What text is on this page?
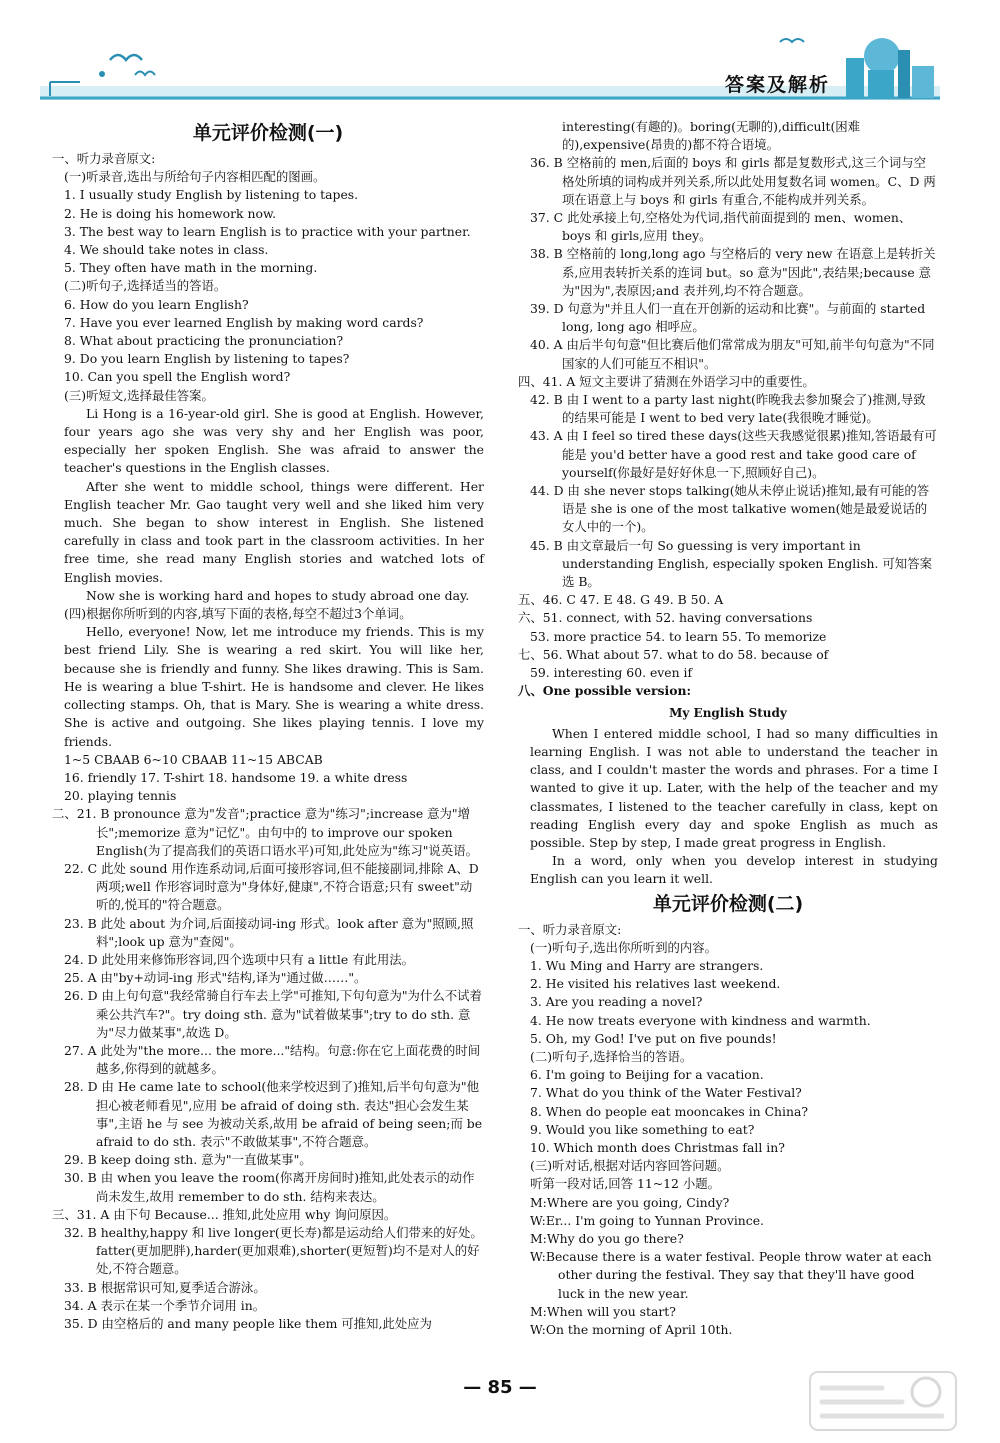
答案及解析
单元评价检测(一)

一、听力录音原文:

(一)听录音,选出与所给句子内容相匹配的图画。

1. I usually study English by listening to tapes.

2. He is doing his homework now.

3. The best way to learn English is to practice with your partner.

4. We should take notes in class.

5. They often have math in the morning.

(二)听句子,选择适当的答语。

6. How do you learn English?

7. Have you ever learned English by making word cards?

8. What about practicing the pronunciation?

9. Do you learn English by listening to tapes?

10. Can you spell the English word?

(三)听短文,选择最佳答案。

Li Hong is a 16-year-old girl. She is good at English. However, four years ago she was very shy and her English was poor, especially her spoken English. She was afraid to answer the teacher's questions in the English classes.

After she went to middle school, things were different. Her English teacher Mr. Gao taught very well and she liked him very much. She began to show interest in English. She listened carefully in class and took part in the classroom activities. In her free time, she read many English stories and watched lots of English movies.

Now she is working hard and hopes to study abroad one day.

(四)根据你所听到的内容,填写下面的表格,每空不超过3个单词。

Hello, everyone! Now, let me introduce my friends. This is my best friend Lily. She is wearing a red skirt. You will like her, because she is friendly and funny. She likes drawing. This is Sam. He is wearing a blue T-shirt. He is handsome and clever. He likes collecting stamps. Oh, that is Mary. She is wearing a white dress. She is active and outgoing. She likes playing tennis. I love my friends.

1~5 CBAAB 6~10 CBAAB 11~15 ABCAB

16. friendly 17. T-shirt 18. handsome 19. a white dress

20. playing tennis

二、21. B pronounce 意为"发音";practice 意为"练习";increase 意为"增长";memorize 意为"记忆"。由句中的 to improve our spoken English(为了提高我们的英语口语水平)可知,此处应为"练习"说英语。

22. C 此处 sound 用作连系动词,后面可接形容词,但不能接副词,排除 A、D 两项;well 作形容词时意为"身体好,健康",不符合语意;只有 sweet"动听的,悦耳的"符合题意。

23. B 此处 about 为介词,后面接动词-ing 形式。look after 意为"照顾,照料";look up 意为"查阅"。

24. D 此处用来修饰形容词,四个选项中只有 a little 有此用法。

25. A 由"by+动词-ing 形式"结构,译为"通过做……"。

26. D 由上句句意"我经常骑自行车去上学"可推知,下句句意为"为什么不试着乘公共汽车?"。try doing sth. 意为"试着做某事";try to do sth. 意为"尽力做某事",故选 D。

27. A 此处为"the more... the more..."结构。句意:你在它上面花费的时间越多,你得到的就越多。

28. D 由 He came late to school(他来学校迟到了)推知,后半句句意为"他担心被老师看见",应用 be afraid of doing sth. 表达"担心会发生某事",主语 he 与 see 为被动关系,故用 be afraid of being seen;而 be afraid to do sth. 表示"不敢做某事",不符合题意。

29. B keep doing sth. 意为"一直做某事"。

30. B 由 when you leave the room(你离开房间时)推知,此处表示的动作尚未发生,故用 remember to do sth. 结构来表达。

三、31. A 由下句 Because... 推知,此处应用 why 询问原因。

32. B healthy,happy 和 live longer(更长寿)都是运动给人们带来的好处。fatter(更加肥胖),harder(更加艰难),shorter(更短暂)均不是对人的好处,不符合题意。

33. B 根据常识可知,夏季适合游泳。

34. A 表示在某一个季节介词用 in。

35. D 由空格后的 and many people like them 可推知,此处应为

interesting(有趣的)。boring(无聊的),difficult(困难的),expensive(昂贵的)都不符合语境。

36. B 空格前的 men,后面的 boys 和 girls 都是复数形式,这三个词与空格处所填的词构成并列关系,所以此处用复数名词 women。C、D 两项在语意上与 boys 和 girls 有重合,不能构成并列关系。

37. C 此处承接上句,空格处为代词,指代前面提到的 men、women、boys 和 girls,应用 they。

38. B 空格前的 long,long ago 与空格后的 very new 在语意上是转折关系,应用表转折关系的连词 but。so 意为"因此",表结果;because 意为"因为",表原因;and 表并列,均不符合题意。

39. D 句意为"并且人们一直在开创新的运动和比赛"。与前面的 started long, long ago 相呼应。

40. A 由后半句句意"但比赛后他们常常成为朋友"可知,前半句句意为"不同国家的人们可能互不相识"。

四、41. A 短文主要讲了猜测在外语学习中的重要性。

42. B 由 I went to a party last night(昨晚我去参加聚会了)推测,导致的结果可能是 I went to bed very late(我很晚才睡觉)。

43. A 由 I feel so tired these days(这些天我感觉很累)推知,答语最有可能是 you'd better have a good rest and take good care of yourself(你最好是好好休息一下,照顾好自己)。

44. D 由 she never stops talking(她从未停止说话)推知,最有可能的答语是 she is one of the most talkative women(她是最爱说话的女人中的一个)。

45. B 由文章最后一句 So guessing is very important in understanding English, especially spoken English. 可知答案选 B。

五、46. C 47. E 48. G 49. B 50. A

六、51. connect, with 52. having conversations

53. more practice 54. to learn 55. To memorize

七、56. What about 57. what to do 58. because of

59. interesting 60. even if

八、One possible version:

My English Study

When I entered middle school, I had so many difficulties in learning English. I was not able to understand the teacher in class, and I couldn't master the words and phrases. For a time I wanted to give it up. Later, with the help of the teacher and my classmates, I listened to the teacher carefully in class, kept on reading English every day and spoke English as much as possible. Step by step, I made great progress in English.

In a word, only when you develop interest in studying English can you learn it well.

单元评价检测(二)

一、听力录音原文:

(一)听句子,选出你所听到的内容。

1. Wu Ming and Harry are strangers.

2. He visited his relatives last weekend.

3. Are you reading a novel?

4. He now treats everyone with kindness and warmth.

5. Oh, my God! I've put on five pounds!

(二)听句子,选择恰当的答语。

6. I'm going to Beijing for a vacation.

7. What do you think of the Water Festival?

8. When do people eat mooncakes in China?

9. Would you like something to eat?

10. Which month does Christmas fall in?

(三)听对话,根据对话内容回答问题。

听第一段对话,回答 11~12 小题。

M:Where are you going, Cindy?

W:Er... I'm going to Yunnan Province.

M:Why do you go there?

W:Because there is a water festival. People throw water at each other during the festival. They say that they'll have good luck in the new year.

M:When will you start?

W:On the morning of April 10th.

— 85 —
